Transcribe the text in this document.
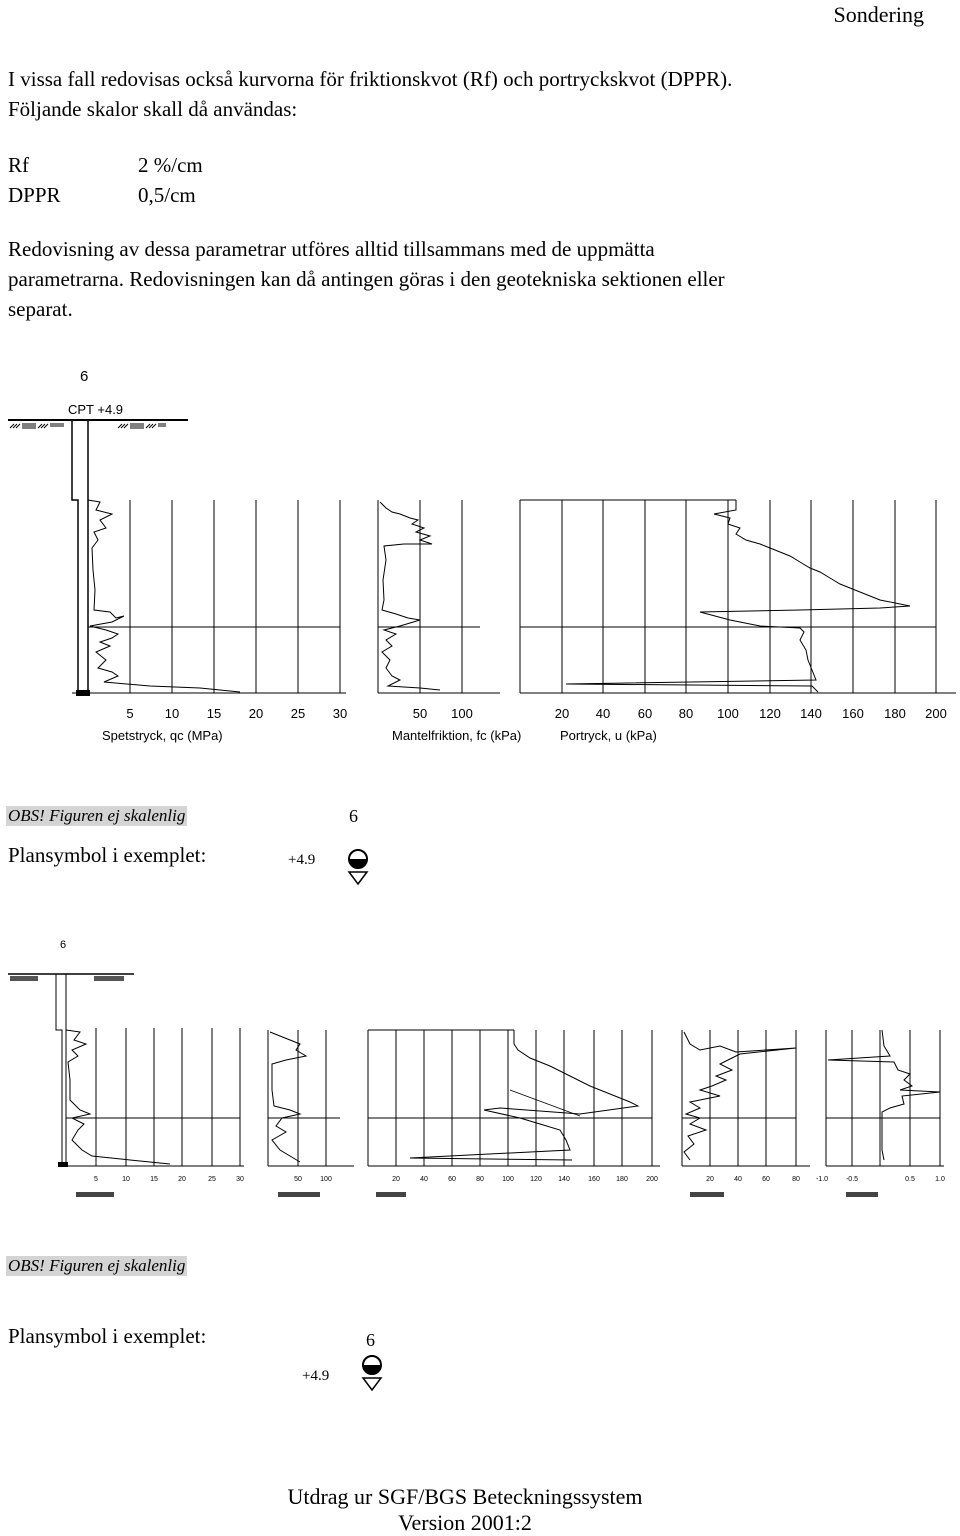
Sondering
I vissa fall redovisas också kurvorna för friktionskvot (Rf) och portryckskvot (DPPR).
Följande skalor skall då användas:
Rf	2 %/cm
DPPR	0,5/cm
Redovisning av dessa parametrar utföres alltid tillsammans med de uppmätta
parametrarna. Redovisningen kan då antingen göras i den geotekniska sektionen eller
separat.
6
CPT +4.9
5 10 15 20 25 30	50 100	20 40 60 80 100 120 140 160 180 200
Spetstryck, qc (MPa)	Mantelfriktion, fc (kPa)	Portryck, u (kPa)
OBS! Figuren ej skalenlig
Plansymbol i exemplet:
6
+4.9
6
5	10	15	20	25	30	50	100	20	40	60	80	100 120 140	160 180	200	20	40	60	80 -1.0	-0.5	0.5	1.0
OBS! Figuren ej skalenlig
Plansymbol i exemplet:	6
+4.9
Utdrag ur SGF/BGS Beteckningssystem
Version 2001:2
